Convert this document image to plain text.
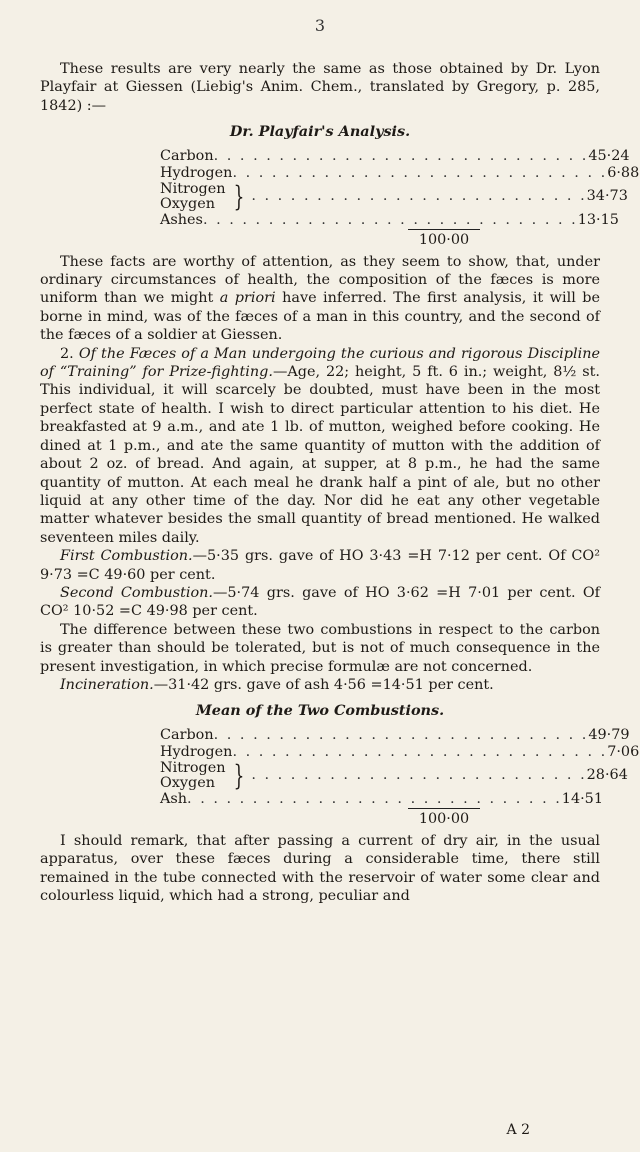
3

These results are very nearly the same as those obtained by Dr. Lyon Playfair at Giessen (Liebig's Anim. Chem., translated by Gregory, p. 285, 1842) :—

Dr. Playfair's Analysis.
Carbon . . . . . . . . . . . . . . . . . . . . . . . . . . . . . 45·24
Hydrogen . . . . . . . . . . . . . . . . . . . . . . . . . . . . . 6·88
Nitrogen
Oxygen } . . . . . . . . . . . . . . . . . . . . . . . . . . 34·73
Ashes . . . . . . . . . . . . . . . . . . . . . . . . . . . . . 13·15
100·00

These facts are worthy of attention, as they seem to show, that, under ordinary circumstances of health, the composition of the fæces is more uniform than we might a priori have inferred. The first analysis, it will be borne in mind, was of the fæces of a man in this country, and the second of the fæces of a soldier at Giessen.

2. Of the Fæces of a Man undergoing the curious and rigorous Discipline of “Training” for Prize-fighting.—Age, 22; height, 5 ft. 6 in.; weight, 8½ st. This individual, it will scarcely be doubted, must have been in the most perfect state of health. I wish to direct particular attention to his diet. He breakfasted at 9 a.m., and ate 1 lb. of mutton, weighed before cooking. He dined at 1 p.m., and ate the same quantity of mutton with the addition of about 2 oz. of bread. And again, at supper, at 8 p.m., he had the same quantity of mutton. At each meal he drank half a pint of ale, but no other liquid at any other time of the day. Nor did he eat any other vegetable matter whatever besides the small quantity of bread mentioned. He walked seventeen miles daily.

First Combustion.—5·35 grs. gave of HO 3·43 =H 7·12 per cent. Of CO² 9·73 =C 49·60 per cent.

Second Combustion.—5·74 grs. gave of HO 3·62 =H 7·01 per cent. Of CO² 10·52 =C 49·98 per cent.

The difference between these two combustions in respect to the carbon is greater than should be tolerated, but is not of much consequence in the present investigation, in which precise formulæ are not concerned.

Incineration.—31·42 grs. gave of ash 4·56 =14·51 per cent.

Mean of the Two Combustions.
Carbon . . . . . . . . . . . . . . . . . . . . . . . . . . . . . 49·79
Hydrogen . . . . . . . . . . . . . . . . . . . . . . . . . . . . . 7·06
Nitrogen
Oxygen } . . . . . . . . . . . . . . . . . . . . . . . . . . 28·64
Ash . . . . . . . . . . . . . . . . . . . . . . . . . . . . . 14·51
100·00

I should remark, that after passing a current of dry air, in the usual apparatus, over these fæces during a considerable time, there still remained in the tube connected with the reservoir of water some clear and colourless liquid, which had a strong, peculiar and

A 2
